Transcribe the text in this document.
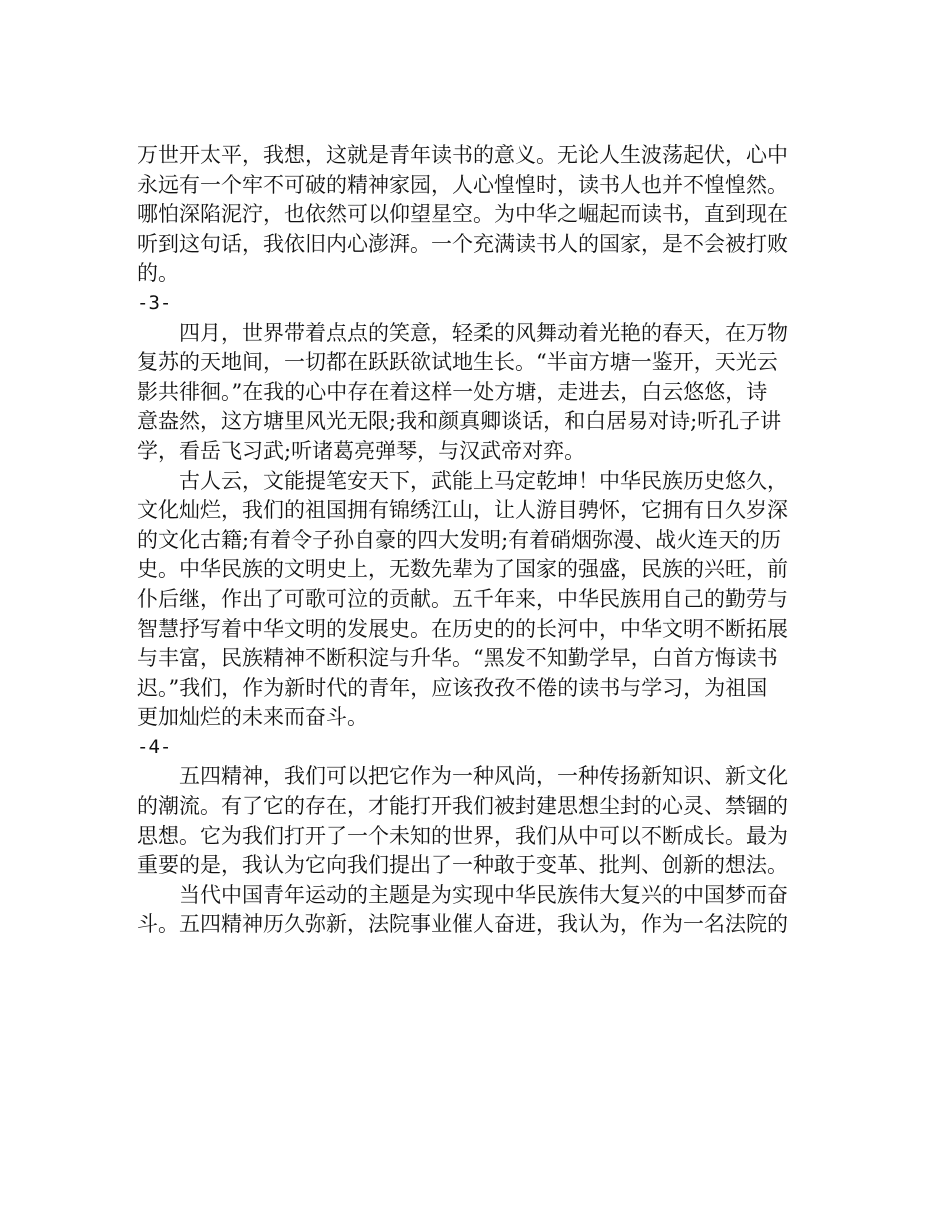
万世开太平，我想，这就是青年读书的意义。无论人生波荡起伏，心中
永远有一个牢不可破的精神家园，人心惶惶时，读书人也并不惶惶然。
哪怕深陷泥泞，也依然可以仰望星空。为中华之崛起而读书，直到现在
听到这句话，我依旧内心澎湃。一个充满读书人的国家，是不会被打败
的。

-3-

　　四月，世界带着点点的笑意，轻柔的风舞动着光艳的春天，在万物
复苏的天地间，一切都在跃跃欲试地生长。“半亩方塘一鉴开，天光云
影共徘徊。”在我的心中存在着这样一处方塘，走进去，白云悠悠，诗
意盎然，这方塘里风光无限;我和颜真卿谈话，和白居易对诗;听孔子讲
学，看岳飞习武;听诸葛亮弹琴，与汉武帝对弈。

　　古人云，文能提笔安天下，武能上马定乾坤！中华民族历史悠久，
文化灿烂，我们的祖国拥有锦绣江山，让人游目骋怀，它拥有日久岁深
的文化古籍;有着令子孙自豪的四大发明;有着硝烟弥漫、战火连天的历
史。中华民族的文明史上，无数先辈为了国家的强盛，民族的兴旺，前
仆后继，作出了可歌可泣的贡献。五千年来，中华民族用自己的勤劳与
智慧抒写着中华文明的发展史。在历史的的长河中，中华文明不断拓展
与丰富，民族精神不断积淀与升华。“黑发不知勤学早，白首方悔读书
迟。”我们，作为新时代的青年，应该孜孜不倦的读书与学习，为祖国
更加灿烂的未来而奋斗。

-4-

　　五四精神，我们可以把它作为一种风尚，一种传扬新知识、新文化
的潮流。有了它的存在，才能打开我们被封建思想尘封的心灵、禁锢的
思想。它为我们打开了一个未知的世界，我们从中可以不断成长。最为
重要的是，我认为它向我们提出了一种敢于变革、批判、创新的想法。

　　当代中国青年运动的主题是为实现中华民族伟大复兴的中国梦而奋
斗。五四精神历久弥新，法院事业催人奋进，我认为，作为一名法院的
